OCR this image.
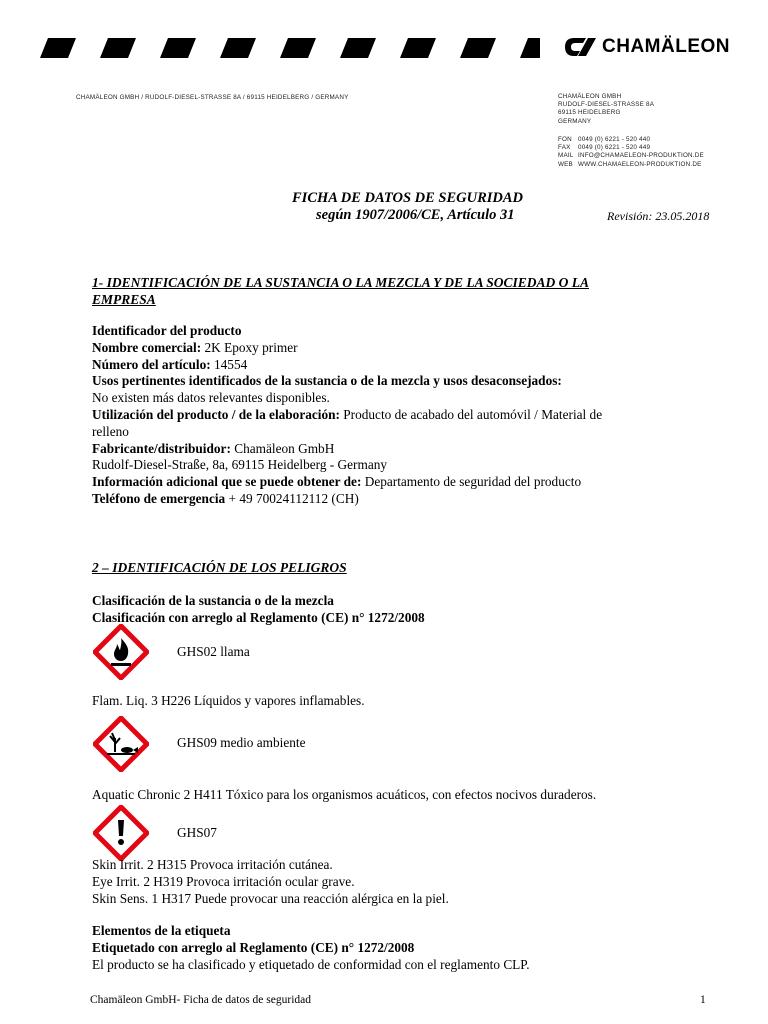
CHAMÄLEON
CHAMÄLEON GMBH / RUDOLF-DIESEL-STRASSE 8A / 69115 HEIDELBERG / GERMANY	CHAMÄLEON GMBH
RUDOLF-DIESEL-STRASSE 8A
69115 HEIDELBERG
GERMANY
FON 0049 (0) 6221 - 520 440
FAX	0049 (0) 6221 - 520 449
MAIL INFO@CHAMAELEON-PRODUKTION.DE
WEB WWW.CHAMAELEON-PRODUKTION.DE
FICHA DE DATOS DE SEGURIDAD
según 1907/2006/CE, Artículo 31	Revisión: 23.05.2018
1- IDENTIFICACIÓN DE LA SUSTANCIA O LA MEZCLA Y DE LA SOCIEDAD O LA
EMPRESA
Identificador del producto
Nombre comercial: 2K Epoxy primer
Número del artículo: 14554
Usos pertinentes identificados de la sustancia o de la mezcla y usos desaconsejados:
No existen más datos relevantes disponibles.
Utilización del producto / de la elaboración: Producto de acabado del automóvil / Material de
relleno
Fabricante/distribuidor: Chamäleon GmbH
Rudolf-Diesel-Straße, 8a, 69115 Heidelberg - Germany
Información adicional que se puede obtener de: Departamento de seguridad del producto
Teléfono de emergencia + 49 70024112112 (CH)
2 – IDENTIFICACIÓN DE LOS PELIGROS
Clasificación de la sustancia o de la mezcla
Clasificación con arreglo al Reglamento (CE) n° 1272/2008
GHS02 llama
Flam. Liq. 3 H226 Líquidos y vapores inflamables.
GHS09 medio ambiente
Aquatic Chronic 2 H411 Tóxico para los organismos acuáticos, con efectos nocivos duraderos.
GHS07
Skin Irrit. 2 H315 Provoca irritación cutánea.
Eye Irrit. 2 H319 Provoca irritación ocular grave.
Skin Sens. 1 H317 Puede provocar una reacción alérgica en la piel.
Elementos de la etiqueta
Etiquetado con arreglo al Reglamento (CE) n° 1272/2008
El producto se ha clasificado y etiquetado de conformidad con el reglamento CLP.
Chamäleon GmbH- Ficha de datos de seguridad	1
